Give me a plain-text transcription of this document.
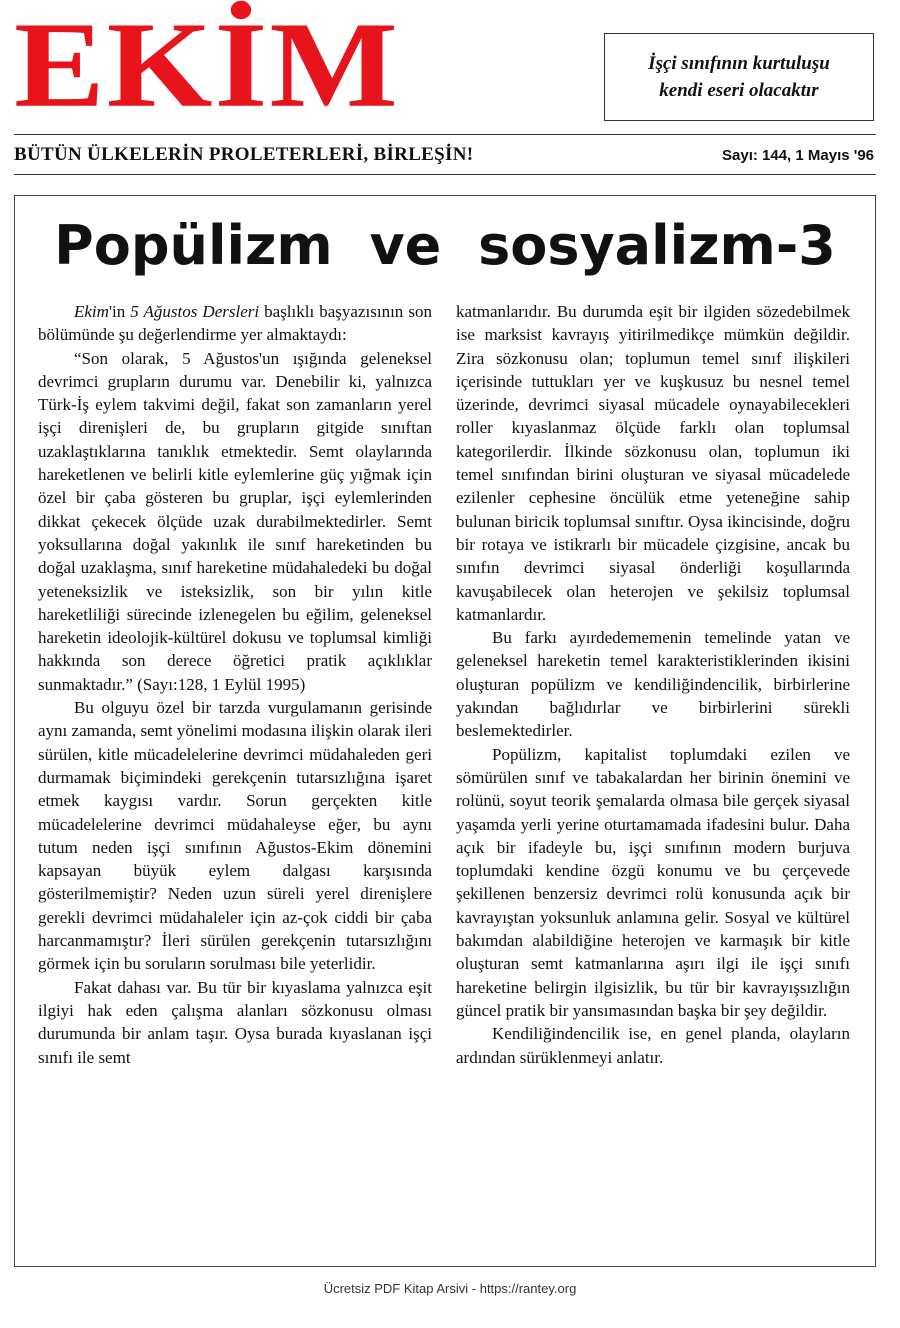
EKİM	İşçi sınıfının kurtuluşu
kendi eseri olacaktır
BÜTÜN ÜLKELERİN PROLETERLERİ, BİRLEŞİN!	Sayı: 144, 1 Mayıs '96
Popülizm ve sosyalizm-3

Ekim'in 5 Ağustos Dersleri başlıklı başyazısının son bölümünde şu değerlendirme yer almaktaydı:

“Son olarak, 5 Ağustos'un ışığında geleneksel devrimci grupların durumu var. Denebilir ki, yalnızca Türk-İş eylem takvimi değil, fakat son zamanların yerel işçi direnişleri de, bu grupların gitgide sınıftan uzaklaştıklarına tanıklık etmektedir. Semt olaylarında hareketlenen ve belirli kitle eylemlerine güç yığmak için özel bir çaba gösteren bu gruplar, işçi eylemlerinden dikkat çekecek ölçüde uzak durabilmektedirler. Semt yoksullarına doğal yakınlık ile sınıf hareketinden bu doğal uzaklaşma, sınıf hareketine müdahaledeki bu doğal yeteneksizlik ve isteksizlik, son bir yılın kitle hareketliliği sürecinde izlenegelen bu eğilim, geleneksel hareketin ideolojik-kültürel dokusu ve toplumsal kimliği hakkında son derece öğretici pratik açıklıklar sunmaktadır.” (Sayı:128, 1 Eylül 1995)

Bu olguyu özel bir tarzda vurgulamanın gerisinde aynı zamanda, semt yönelimi modasına ilişkin olarak ileri sürülen, kitle mücadelelerine devrimci müdahaleden geri durmamak biçimindeki gerekçenin tutarsızlığına işaret etmek kaygısı vardır. Sorun gerçekten kitle mücadelelerine devrimci müdahaleyse eğer, bu aynı tutum neden işçi sınıfının Ağustos-Ekim dönemini kapsayan büyük eylem dalgası karşısında gösterilmemiştir? Neden uzun süreli yerel direnişlere gerekli devrimci müdahaleler için az-çok ciddi bir çaba harcanmamıştır? İleri sürülen gerekçenin tutarsızlığını görmek için bu soruların sorulması bile yeterlidir.

Fakat dahası var. Bu tür bir kıyaslama yalnızca eşit ilgiyi hak eden çalışma alanları sözkonusu olması durumunda bir anlam taşır. Oysa burada kıyaslanan işçi sınıfı ile semt

katmanlarıdır. Bu durumda eşit bir ilgiden sözedebilmek ise marksist kavrayış yitirilmedikçe mümkün değildir. Zira sözkonusu olan; toplumun temel sınıf ilişkileri içerisinde tuttukları yer ve kuşkusuz bu nesnel temel üzerinde, devrimci siyasal mücadele oynayabilecekleri roller kıyaslanmaz ölçüde farklı olan toplumsal kategorilerdir. İlkinde sözkonusu olan, toplumun iki temel sınıfından birini oluşturan ve siyasal mücadelede ezilenler cephesine öncülük etme yeteneğine sahip bulunan biricik toplumsal sınıftır. Oysa ikincisinde, doğru bir rotaya ve istikrarlı bir mücadele çizgisine, ancak bu sınıfın devrimci siyasal önderliği koşullarında kavuşabilecek olan heterojen ve şekilsiz toplumsal katmanlardır.

Bu farkı ayırdedememenin temelinde yatan ve geleneksel hareketin temel karakteristiklerinden ikisini oluşturan popülizm ve kendiliğindencilik, birbirlerine yakından bağlıdırlar ve birbirlerini sürekli beslemektedirler.

Popülizm, kapitalist toplumdaki ezilen ve sömürülen sınıf ve tabakalardan her birinin önemini ve rolünü, soyut teorik şemalarda olmasa bile gerçek siyasal yaşamda yerli yerine oturtamamada ifadesini bulur. Daha açık bir ifadeyle bu, işçi sınıfının modern burjuva toplumdaki kendine özgü konumu ve bu çerçevede şekillenen benzersiz devrimci rolü konusunda açık bir kavrayıştan yoksunluk anlamına gelir. Sosyal ve kültürel bakımdan alabildiğine heterojen ve karmaşık bir kitle oluşturan semt katmanlarına aşırı ilgi ile işçi sınıfı hareketine belirgin ilgisizlik, bu tür bir kavrayışsızlığın güncel pratik bir yansımasından başka bir şey değildir.

Kendiliğindencilik ise, en genel planda, olayların ardından sürüklenmeyi anlatır.

Ücretsiz PDF Kitap Arsivi - https://rantey.org
